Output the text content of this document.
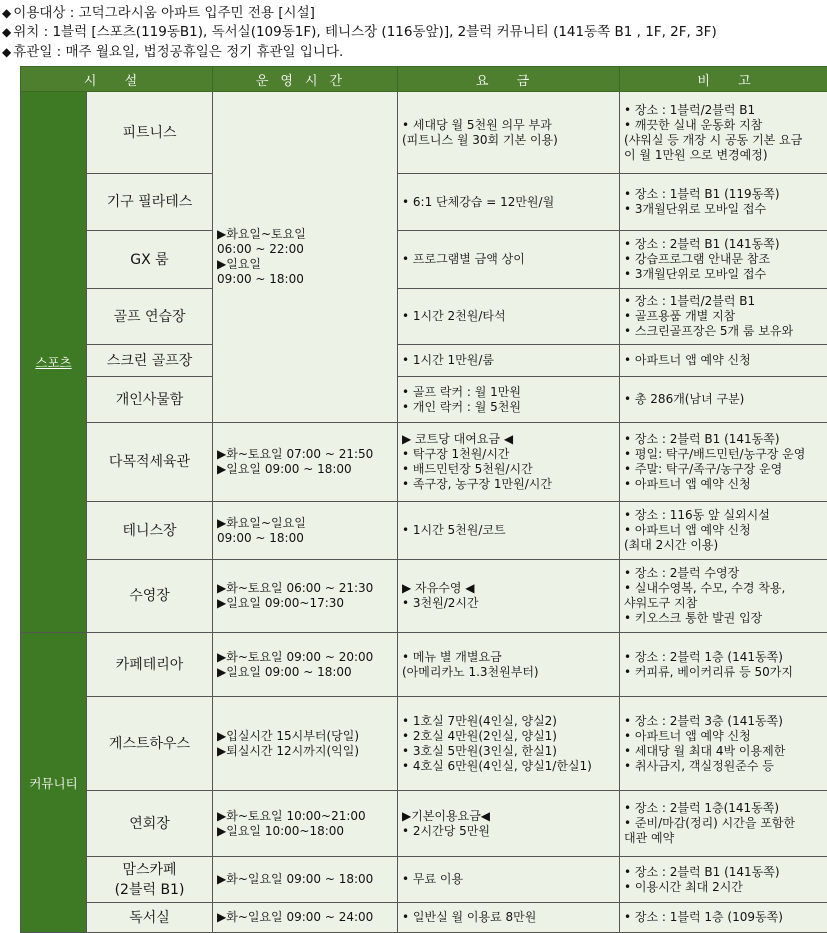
◆ 이용대상 : 고덕그라시움 아파트 입주민 전용 [시설]
◆ 위치 : 1블럭 [스포츠(119동B1), 독서실(109동1F), 테니스장 (116동앞)], 2블럭 커뮤니티 (141동쪽 B1 , 1F, 2F, 3F)
◆ 휴관일 : 매주 월요일, 법정공휴일은 정기 휴관일 입니다.
시 설		운영시간	요 금	비 고
스포츠	피트니스	▶화요일~토요일
06:00 ~ 22:00
▶일요일
09:00 ~ 18:00	• 세대당 월 5천원 의무 부과
(피트니스 월 30회 기본 이용)	• 장소 : 1블럭/2블럭 B1
• 깨끗한 실내 운동화 지참
(샤워실 등 개장 시 공동 기본 요금
이 월 1만원 으로 변경예정)

	기구 필라테스		• 6:1 단체강습 = 12만원/월	• 장소 : 1블럭 B1 (119동쪽)
• 3개월단위로 모바일 접수

	GX 룸		• 프로그램별 금액 상이	• 장소 : 2블럭 B1 (141동쪽)
• 강습프로그램 안내문 참조
• 3개월단위로 모바일 접수

	골프 연습장		• 1시간 2천원/타석	• 장소 : 1블럭/2블럭 B1
• 골프용품 개별 지참
• 스크린골프장은 5개 룸 보유와

	스크린 골프장		• 1시간 1만원/룸	• 아파트너 앱 예약 신청

	개인사물함		• 골프 락커 : 월 1만원
• 개인 락커 : 월 5천원	• 총 286개(남녀 구분)

	다목적세육관	▶화~토요일 07:00 ~ 21:50
▶일요일 09:00 ~ 18:00	▶ 코트당 대여요금 ◀
• 탁구장 1천원/시간
• 배드민턴장 5천원/시간
• 족구장, 농구장 1만원/시간	• 장소 : 2블럭 B1 (141동쪽)
• 평일: 탁구/배드민턴/농구장 운영
• 주말: 탁구/족구/농구장 운영
• 아파트너 앱 예약 신청

	테니스장	▶화요일~일요일
09:00 ~ 18:00	• 1시간 5천원/코트	• 장소 : 116동 앞 실외시설
• 아파트너 앱 예약 신청
(최대 2시간 이용)

	수영장	▶화~토요일 06:00 ~ 21:30
▶일요일 09:00~17:30	▶ 자유수영 ◀
• 3천원/2시간	• 장소 : 2블럭 수영장
• 실내수영복, 수모, 수경 착용,
샤워도구 지참
• 키오스크 통한 발권 입장

커뮤니티	카페테리아	▶화~토요일 09:00 ~ 20:00
▶일요일 09:00 ~ 18:00	• 메뉴 별 개별요금
(아메리카노 1.3천원부터)	• 장소 : 2블럭 1층 (141동쪽)
• 커피류, 베이커리류 등 50가지

	게스트하우스	▶입실시간 15시부터(당일)
▶퇴실시간 12시까지(익일)	• 1호실 7만원(4인실, 양실2)
• 2호실 4만원(2인실, 양실1)
• 3호실 5만원(3인실, 한실1)
• 4호실 6만원(4인실, 양실1/한실1)	• 장소 : 2블럭 3층 (141동쪽)
• 아파트너 앱 예약 신청
• 세대당 월 최대 4박 이용제한
• 취사금지, 객실정원준수 등

	연회장	▶화~토요일 10:00~21:00
▶일요일 10:00~18:00	▶기본이용요금◀
• 2시간당 5만원	• 장소 : 2블럭 1층(141동쪽)
• 준비/마감(정리) 시간을 포함한
대관 예약

	맘스카페
(2블럭 B1)	▶화~일요일 09:00 ~ 18:00	• 무료 이용	• 장소 : 2블럭 B1 (141동쪽)
• 이용시간 최대 2시간

	독서실	▶화~일요일 09:00 ~ 24:00	• 일반실 월 이용료 8만원	• 장소 : 1블럭 1층 (109동쪽)
